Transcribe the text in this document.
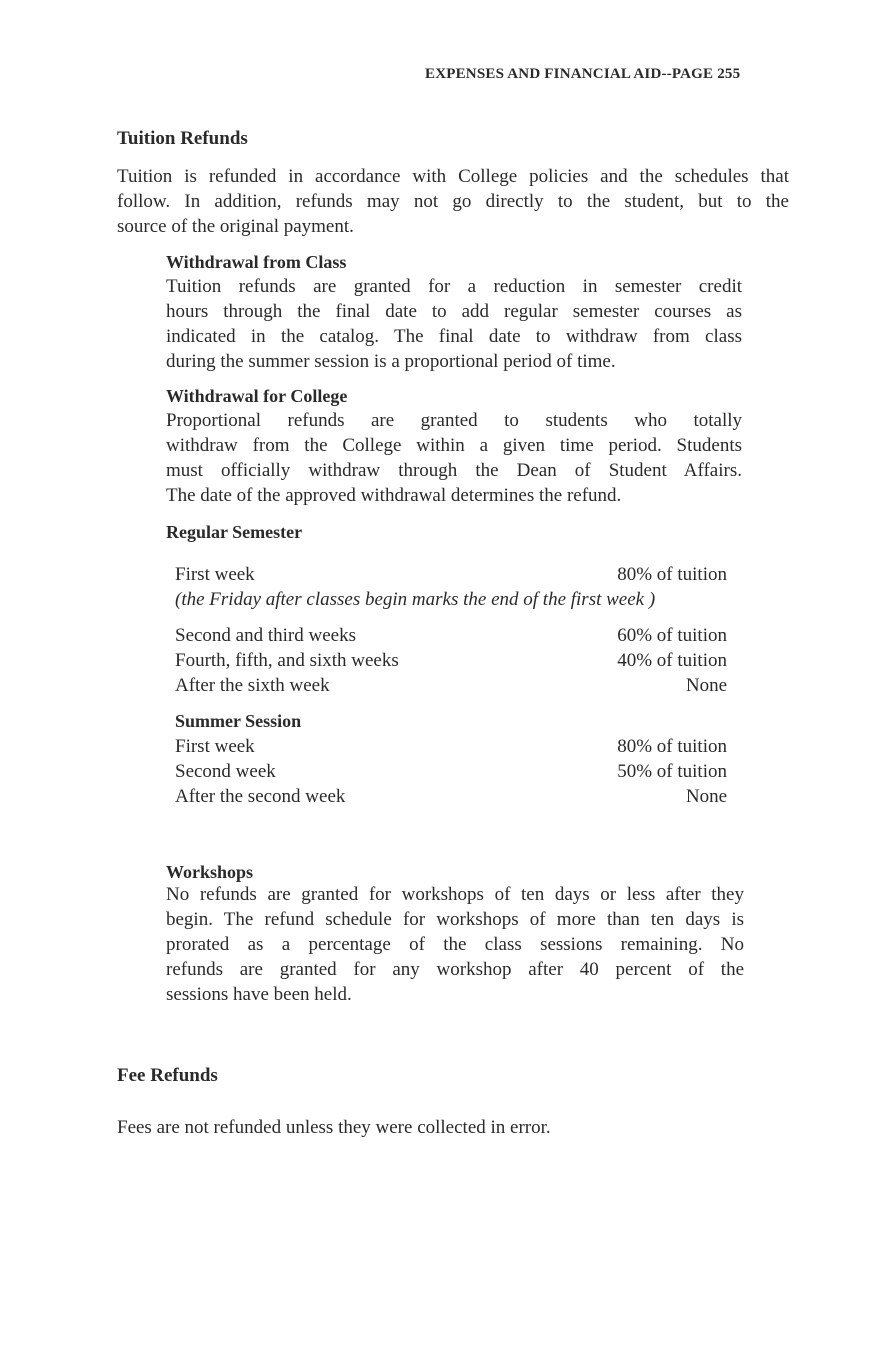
EXPENSES AND FINANCIAL AID--PAGE 255
Tuition Refunds
Tuition is refunded in accordance with College policies and the schedules that
follow. In addition, refunds may not go directly to the student, but to the
source of the original payment.
Withdrawal from Class
Tuition refunds are granted for a reduction in semester credit
hours through the final date to add regular semester courses as
indicated in the catalog. The final date to withdraw from class
during the summer session is a proportional period of time.
Withdrawal for College
Proportional refunds are granted to students who totally
withdraw from the College within a given time period. Students
must officially withdraw through the Dean of Student Affairs.
The date of the approved withdrawal determines the refund.
Regular Semester
First week	80% of tuition
(the Friday after classes begin marks the end of the first week )
Second and third weeks	60% of tuition
Fourth, fifth, and sixth weeks	40% of tuition
After the sixth week	None
Summer Session
First week	80% of tuition
Second week	50% of tuition
After the second week	None
Workshops
No refunds are granted for workshops of ten days or less after they
begin. The refund schedule for workshops of more than ten days is
prorated as a percentage of the class sessions remaining. No
refunds are granted for any workshop after 40 percent of the
sessions have been held.
Fee Refunds
Fees are not refunded unless they were collected in error.
